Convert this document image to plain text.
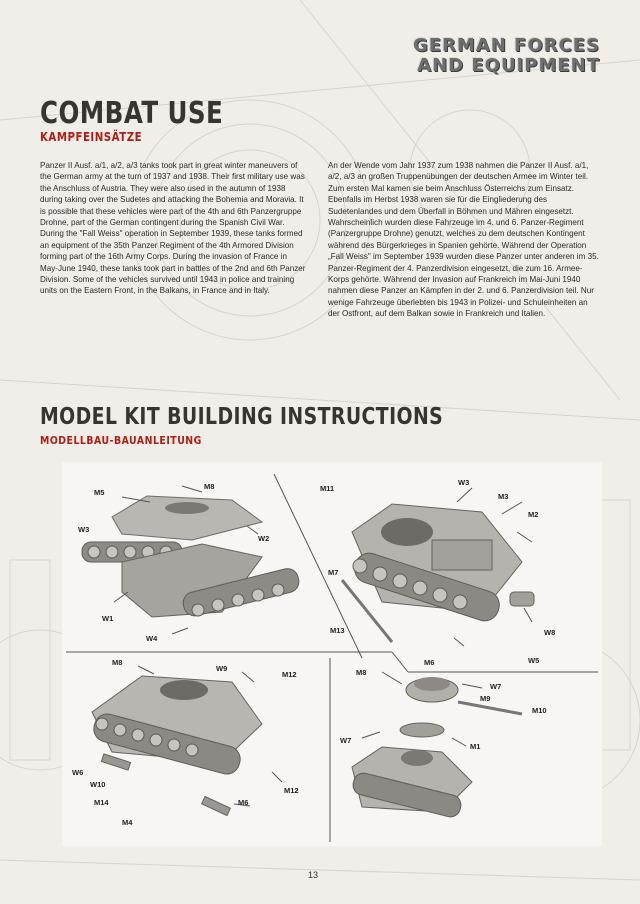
GERMAN FORCES
AND EQUIPMENT
COMBAT USE
KAMPFEINSÄTZE
Panzer II Ausf. a/1, a/2, a/3 tanks took part in great winter maneuvers of the German army at the turn of 1937 and 1938. Their first military use was the Anschluss of Austria. They were also used in the autumn of 1938 during taking over the Sudetes and attacking the Bohemia and Moravia. It is possible that these vehicles were part of the 4th and 6th Panzergruppe Drohne, part of the German contingent during the Spanish Civil War. During the "Fall Weiss" operation in September 1939, these tanks formed an equipment of the 35th Panzer Regiment of the 4th Armored Division forming part of the 16th Army Corps. During the invasion of France in May-June 1940, these tanks took part in battles of the 2nd and 6th Panzer Division. Some of the vehicles survived until 1943 in police and training units on the Eastern Front, in the Balkans, in France and in Italy.
An der Wende vom Jahr 1937 zum 1938 nahmen die Panzer II Ausf. a/1, a/2, a/3 an großen Truppenübungen der deutschen Armee im Winter teil. Zum ersten Mal kamen sie beim Anschluss Österreichs zum Einsatz. Ebenfalls im Herbst 1938 waren sie für die Eingliederung des Sudetenlandes und dem Überfall in Böhmen und Mähren eingesetzt. Wahrscheinlich wurden diese Fahrzeuge im 4. und 6. Panzer-Regiment (Panzergruppe Drohne) genutzt, welches zu dem deutschen Kontingent während des Bürgerkrieges in Spanien gehörte. Während der Operation „Fall Weiss" im September 1939 wurden diese Panzer unter anderen im 35. Panzer-Regiment der 4. Panzerdivision eingesetzt, die zum 16. Armee-Korps gehörte. Während der Invasion auf Frankreich im Mai-Juni 1940 nahmen diese Panzer an Kämpfen in der 2. und 6. Panzerdivision teil. Nur wenige Fahrzeuge überlebten bis 1943 in Polizei- und Schuleinheiten an der Ostfront, auf dem Balkan sowie in Frankreich und Italien.
MODEL KIT BUILDING INSTRUCTIONS
MODELLBAU-BAUANLEITUNG
M5
M8
W3
W2
W1
W4
M11
W3
M3
M2
M7
M13	W8
M6	W5
M8
W9
M12
W6
W10
M14
M4
M6
M12
M8
W7
M9
M10
W7
M1
13
